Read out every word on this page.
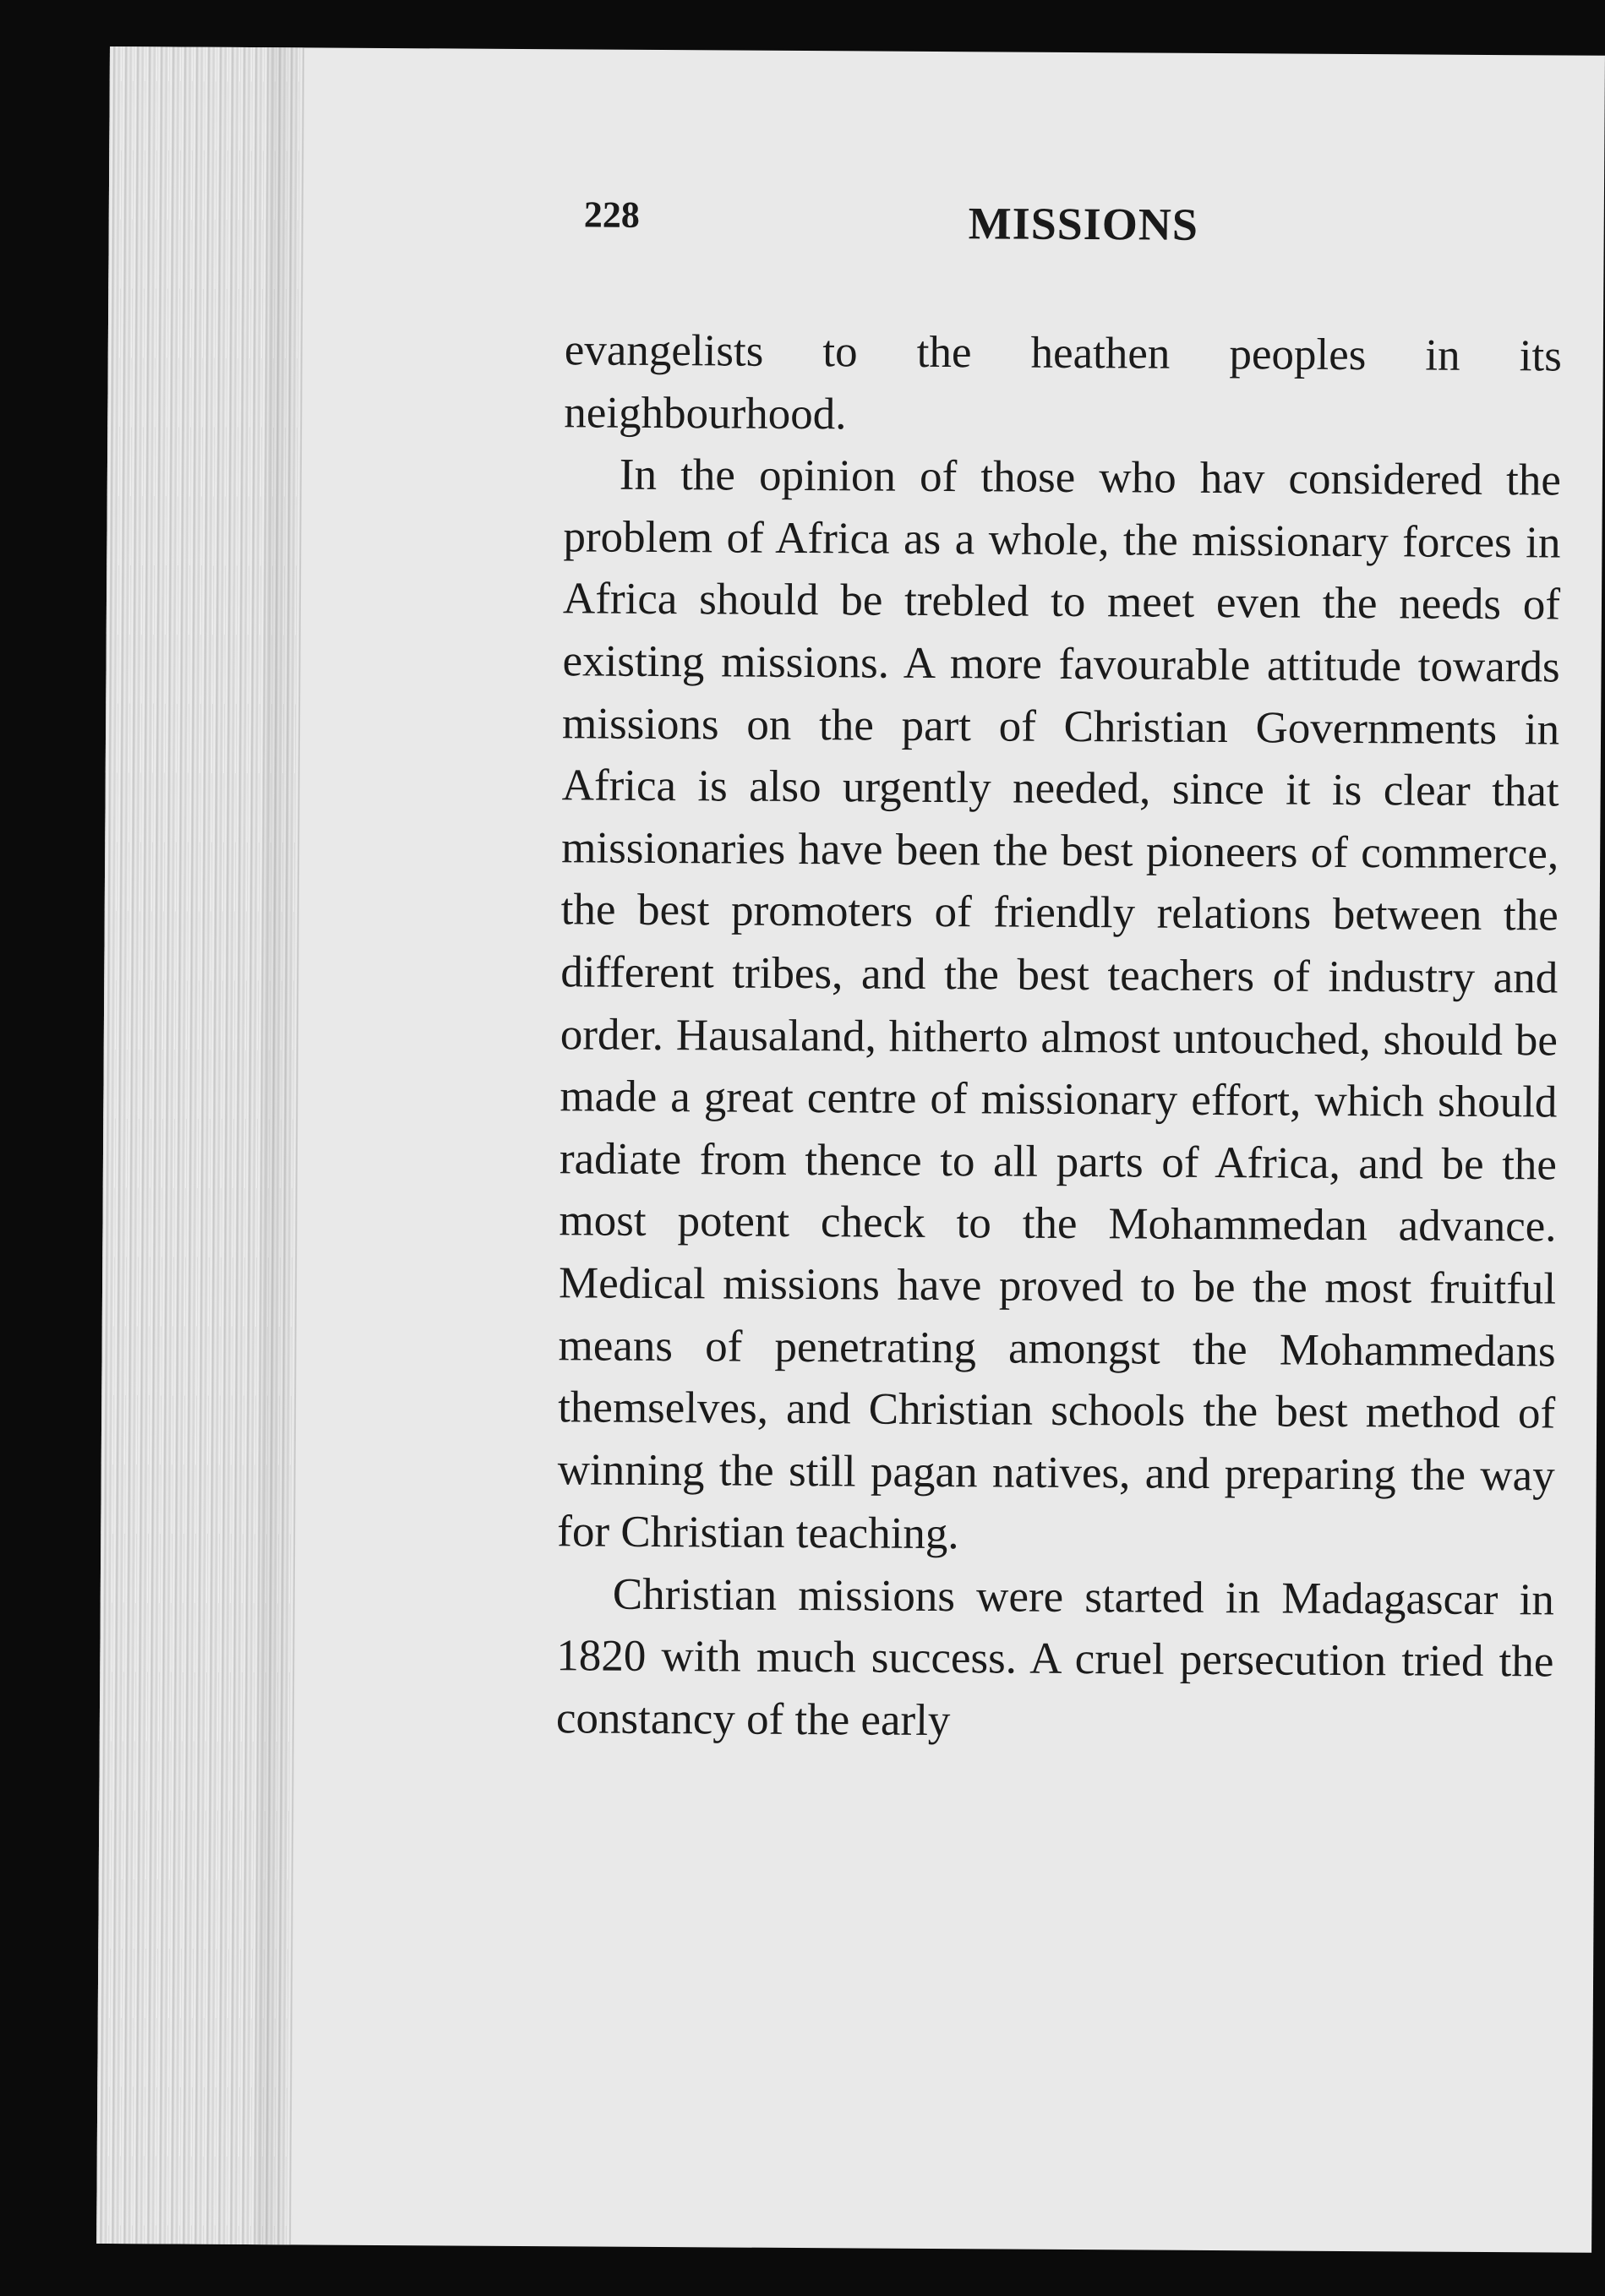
228	MISSIONS

evangelists to the heathen peoples in its neighbourhood.

In the opinion of those who hav considered the problem of Africa as a whole, the missionary forces in Africa should be trebled to meet even the needs of existing missions. A more favourable attitude towards missions on the part of Christian Governments in Africa is also urgently needed, since it is clear that missionaries have been the best pioneers of commerce, the best promoters of friendly relations between the different tribes, and the best teachers of industry and order. Hausaland, hitherto almost untouched, should be made a great centre of missionary effort, which should radiate from thence to all parts of Africa, and be the most potent check to the Mohammedan advance. Medical missions have proved to be the most fruitful means of penetrating amongst the Mohammedans themselves, and Christian schools the best method of winning the still pagan natives, and preparing the way for Christian teaching.

Christian missions were started in Madagascar in 1820 with much success. A cruel persecution tried the constancy of the early
